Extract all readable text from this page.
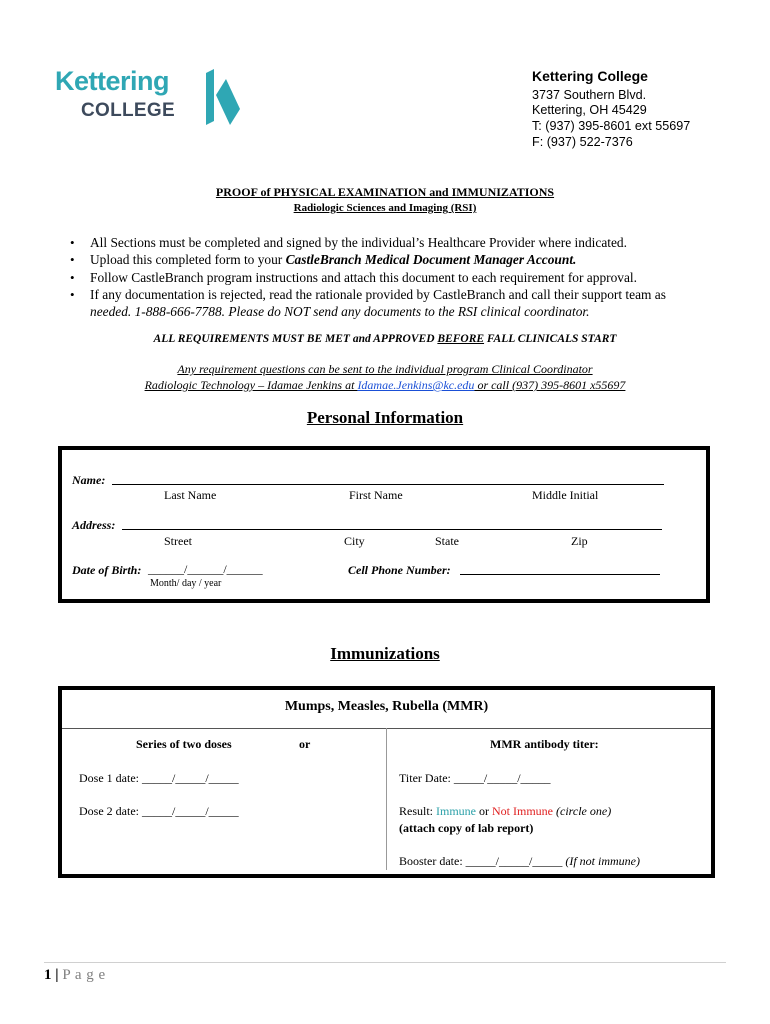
Kettering
COLLEGE
Kettering College
3737 Southern Blvd.
Kettering, OH 45429
T: (937) 395-8601 ext 55697
F: (937) 522-7376
PROOF of PHYSICAL EXAMINATION and IMMUNIZATIONS
Radiologic Sciences and Imaging (RSI)
• All Sections must be completed and signed by the individual’s Healthcare Provider where indicated.
• Upload this completed form to your CastleBranch Medical Document Manager Account.
• Follow CastleBranch program instructions and attach this document to each requirement for approval.
• If any documentation is rejected, read the rationale provided by CastleBranch and call their support team as
needed. 1-888-666-7788. Please do NOT send any documents to the RSI clinical coordinator.
ALL REQUIREMENTS MUST BE MET and APPROVED BEFORE FALL CLINICALS START
Any requirement questions can be sent to the individual program Clinical Coordinator
Radiologic Technology – Idamae Jenkins at Idamae.Jenkins@kc.edu or call (937) 395-8601 x55697
Personal Information
Name:
Last Name	First Name	Middle Initial
Address:
Street	City	State	Zip
Date of Birth: ______/______/______
Month/ day / year
Cell Phone Number:
Immunizations
Mumps, Measles, Rubella (MMR)
Series of two doses	or	MMR antibody titer:
Dose 1 date: _____/_____/_____
Dose 2 date: _____/_____/_____
Titer Date: _____/_____/_____
Result: Immune or Not Immune (circle one)
(attach copy of lab report)
Booster date: _____/_____/_____ (If not immune)
1 | P a g e
